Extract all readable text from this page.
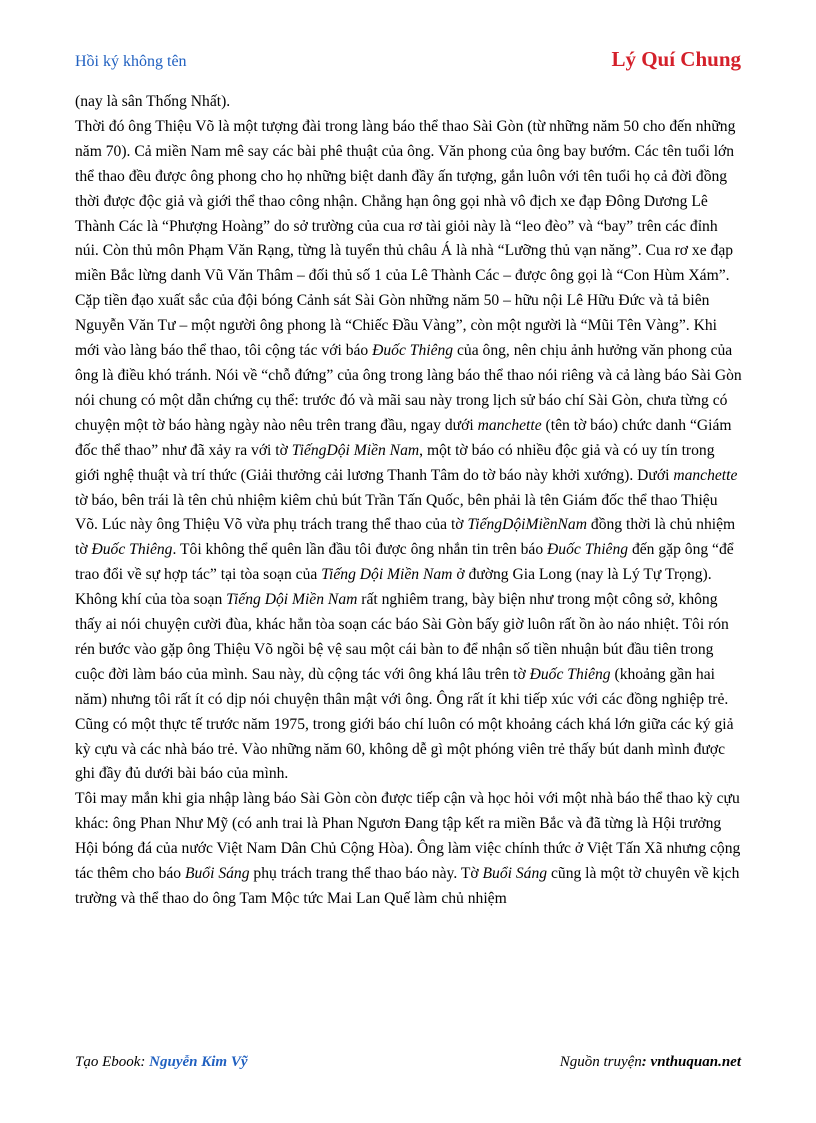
Hồi ký không tên	Lý Quí Chung

(nay là sân Thống Nhất).

Thời đó ông Thiệu Võ là một tượng đài trong làng báo thể thao Sài Gòn (từ những năm 50 cho đến những năm 70). Cả miền Nam mê say các bài phê thuật của ông. Văn phong của ông bay bướm. Các tên tuổi lớn thể thao đều được ông phong cho họ những biệt danh đầy ấn tượng, gắn luôn với tên tuổi họ cả đời đồng thời được độc giả và giới thể thao công nhận. Chẳng hạn ông gọi nhà vô địch xe đạp Đông Dương Lê Thành Các là “Phượng Hoàng” do sở trường của cua rơ tài giỏi này là “leo đèo” và “bay” trên các đỉnh núi. Còn thủ môn Phạm Văn Rạng, từng là tuyển thủ châu Á là nhà “Lưỡng thủ vạn năng”. Cua rơ xe đạp miền Bắc lừng danh Vũ Văn Thâm – đối thủ số 1 của Lê Thành Các – được ông gọi là “Con Hùm Xám”. Cặp tiền đạo xuất sắc của đội bóng Cảnh sát Sài Gòn những năm 50 – hữu nội Lê Hữu Đức và tả biên Nguyễn Văn Tư – một người ông phong là “Chiếc Đầu Vàng”, còn một người là “Mũi Tên Vàng”. Khi mới vào làng báo thể thao, tôi cộng tác với báo Đuốc Thiêng của ông, nên chịu ảnh hưởng văn phong của ông là điều khó tránh. Nói về “chỗ đứng” của ông trong làng báo thể thao nói riêng và cả làng báo Sài Gòn nói chung có một dẫn chứng cụ thể: trước đó và mãi sau này trong lịch sử báo chí Sài Gòn, chưa từng có chuyện một tờ báo hàng ngày nào nêu trên trang đầu, ngay dưới manchette (tên tờ báo) chức danh “Giám đốc thể thao” như đã xảy ra với tờ TiếngDội Miền Nam, một tờ báo có nhiều độc giả và có uy tín trong giới nghệ thuật và trí thức (Giải thưởng cải lương Thanh Tâm do tờ báo này khởi xướng). Dưới manchette tờ báo, bên trái là tên chủ nhiệm kiêm chủ bút Trần Tấn Quốc, bên phải là tên Giám đốc thể thao Thiệu Võ. Lúc này ông Thiệu Võ vừa phụ trách trang thể thao của tờ TiếngDộiMiềnNam đồng thời là chủ nhiệm tờ Đuốc Thiêng. Tôi không thể quên lần đầu tôi được ông nhắn tin trên báo Đuốc Thiêng đến gặp ông “để trao đổi về sự hợp tác” tại tòa soạn của Tiếng Dội Miền Nam ở đường Gia Long (nay là Lý Tự Trọng). Không khí của tòa soạn Tiếng Dội Miền Nam rất nghiêm trang, bày biện như trong một công sở, không thấy ai nói chuyện cười đùa, khác hẳn tòa soạn các báo Sài Gòn bấy giờ luôn rất ồn ào náo nhiệt. Tôi rón rén bước vào gặp ông Thiệu Võ ngồi bệ vệ sau một cái bàn to để nhận số tiền nhuận bút đầu tiên trong cuộc đời làm báo của mình. Sau này, dù cộng tác với ông khá lâu trên tờ Đuốc Thiêng (khoảng gần hai năm) nhưng tôi rất ít có dịp nói chuyện thân mật với ông. Ông rất ít khi tiếp xúc với các đồng nghiệp trẻ. Cũng có một thực tế trước năm 1975, trong giới báo chí luôn có một khoảng cách khá lớn giữa các ký giả kỳ cựu và các nhà báo trẻ. Vào những năm 60, không dễ gì một phóng viên trẻ thấy bút danh mình được ghi đầy đủ dưới bài báo của mình.

Tôi may mắn khi gia nhập làng báo Sài Gòn còn được tiếp cận và học hỏi với một nhà báo thể thao kỳ cựu khác: ông Phan Như Mỹ (có anh trai là Phan Ngươn Đang tập kết ra miền Bắc và đã từng là Hội trưởng Hội bóng đá của nước Việt Nam Dân Chủ Cộng Hòa). Ông làm việc chính thức ở Việt Tấn Xã nhưng cộng tác thêm cho báo Buổi Sáng phụ trách trang thể thao báo này. Tờ Buổi Sáng cũng là một tờ chuyên về kịch trường và thể thao do ông Tam Mộc tức Mai Lan Quế làm chủ nhiệm

Tạo Ebook: Nguyễn Kim Vỹ	Nguồn truyện: vnthuquan.net
